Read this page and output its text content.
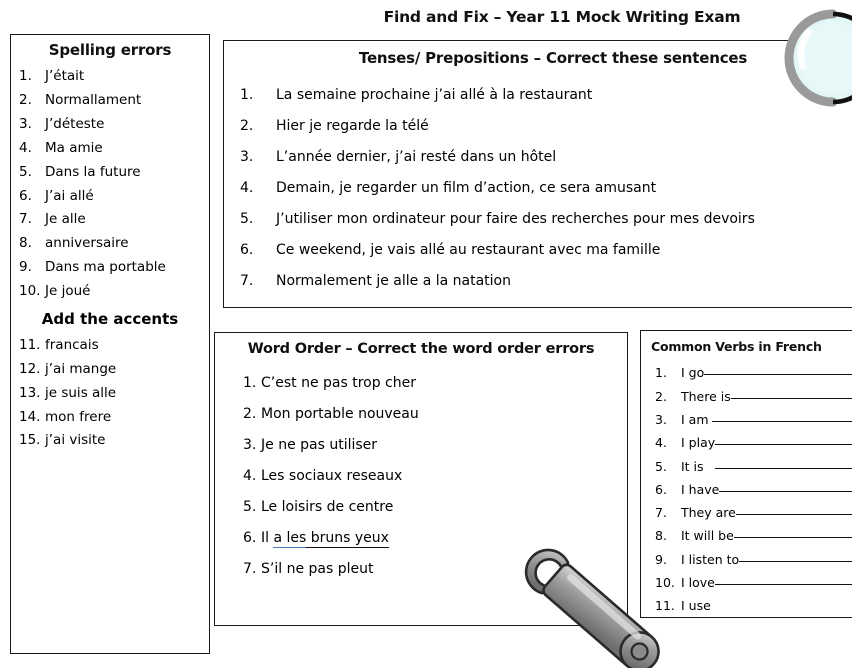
Find and Fix – Year 11 Mock Writing Exam
Spelling errors
1. J’était
2. Normallament
3. J’déteste
4. Ma amie
5. Dans la future
6. J’ai allé
7. Je alle
8. anniversaire
9. Dans ma portable
10. Je joué
Add the accents
11. francais
12. j’ai mange
13. je suis alle
14. mon frere
15. j’ai visite
Tenses/ Prepositions – Correct these sentences
1.	La semaine prochaine j’ai allé à la restaurant
2.	Hier je regarde la télé
3.	L’année dernier, j’ai resté dans un hôtel
4.	Demain, je regarder un film d’action, ce sera amusant
5.	J’utiliser mon ordinateur pour faire des recherches pour mes devoirs
6.	Ce weekend, je vais allé au restaurant avec ma famille
7.	Normalement je alle a la natation
Word Order – Correct the word order errors
1. C’est ne pas trop cher
2. Mon portable nouveau
3. Je ne pas utiliser
4. Les sociaux reseaux
5. Le loisirs de centre
6. Il a les bruns yeux
7. S’il ne pas pleut
Common Verbs in French
1.	I go
2.	There is
3.	I am
4.	I play
5.	It is
6.	I have
7.	They are
8.	It will be
9.	I listen to
10. I love
11. I use
